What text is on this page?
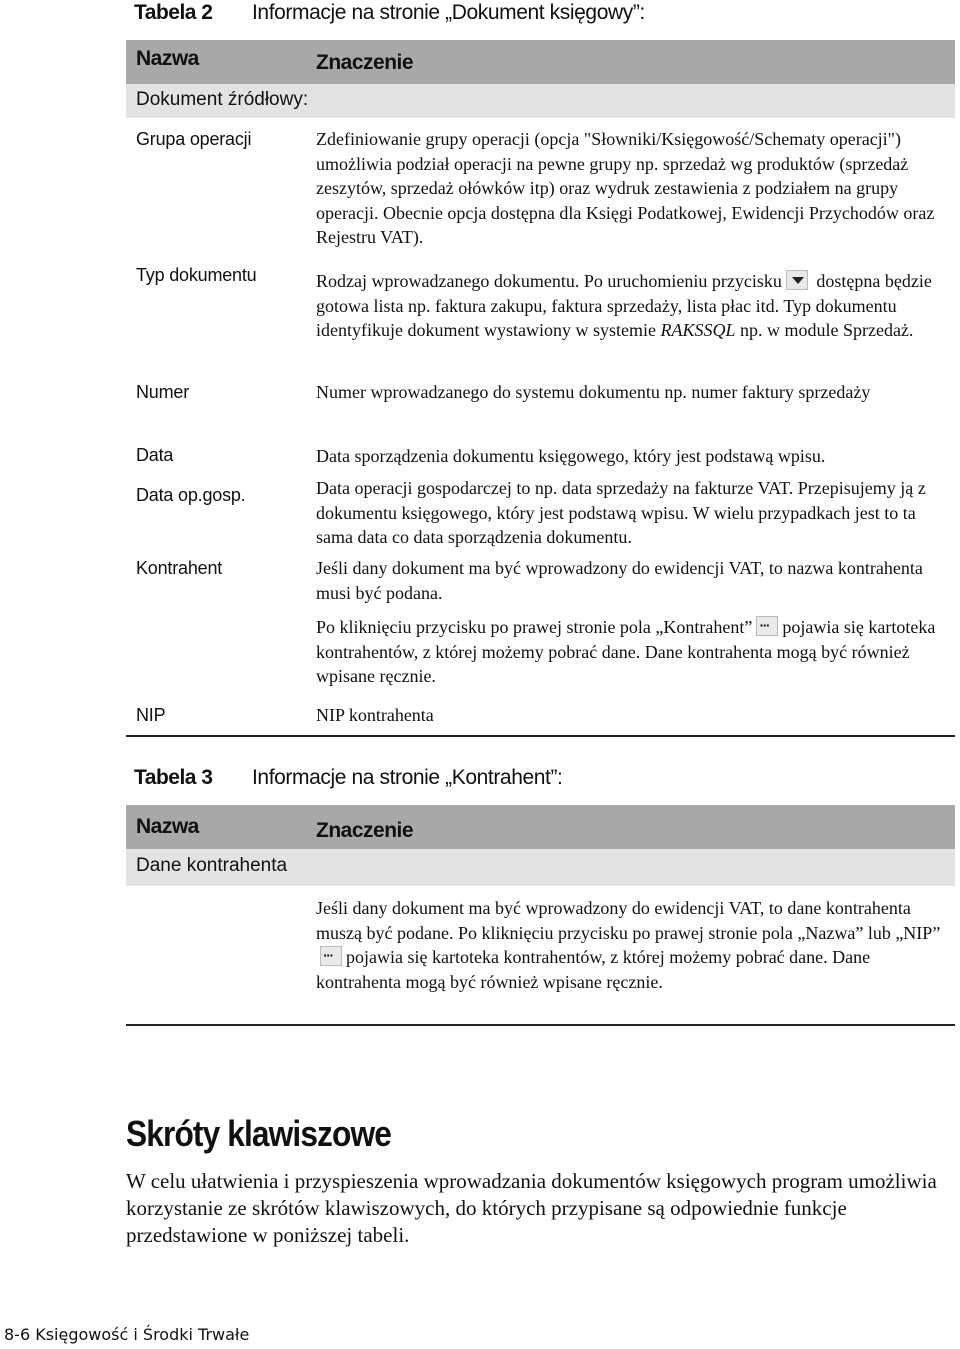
Tabela 2 Informacje na stronie „Dokument księgowy”:
Nazwa	Znaczenie
Dokument źródłowy:
Grupa operacji	Zdefiniowanie grupy operacji (opcja "Słowniki/Księgowość/Schematy operacji") umożliwia podział operacji na pewne grupy np. sprzedaż wg produktów (sprzedaż zeszytów, sprzedaż ołówków itp) oraz wydruk zestawienia z podziałem na grupy operacji. Obecnie opcja dostępna dla Księgi Podatkowej, Ewidencji Przychodów oraz Rejestru VAT).
Typ dokumentu	Rodzaj wprowadzanego dokumentu. Po uruchomieniu przycisku dostępna będzie gotowa lista np. faktura zakupu, faktura sprzedaży, lista płac itd. Typ dokumentu identyfikuje dokument wystawiony w systemie RAKSSQL np. w module Sprzedaż.
Numer	Numer wprowadzanego do systemu dokumentu np. numer faktury sprzedaży
Data	Data sporządzenia dokumentu księgowego, który jest podstawą wpisu.
Data op.gosp.	Data operacji gospodarczej to np. data sprzedaży na fakturze VAT. Przepisujemy ją z dokumentu księgowego, który jest podstawą wpisu. W wielu przypadkach jest to ta sama data co data sporządzenia dokumentu.
Kontrahent	Jeśli dany dokument ma być wprowadzony do ewidencji VAT, to nazwa kontrahenta musi być podana.

Po kliknięciu przycisku po prawej stronie pola „Kontrahent” ··· pojawia się kartoteka kontrahentów, z której możemy pobrać dane. Dane kontrahenta mogą być również wpisane ręcznie.

NIP	NIP kontrahenta
Tabela 3 Informacje na stronie „Kontrahent”:
Nazwa	Znaczenie
Dane kontrahenta
Jeśli dany dokument ma być wprowadzony do ewidencji VAT, to dane kontrahenta muszą być podane. Po kliknięciu przycisku po prawej stronie pola „Nazwa” lub „NIP”
··· pojawia się kartoteka kontrahentów, z której możemy pobrać dane. Dane kontrahenta mogą być również wpisane ręcznie.
Skróty klawiszowe
W celu ułatwienia i przyspieszenia wprowadzania dokumentów księgowych program umożliwia korzystanie ze skrótów klawiszowych, do których przypisane są odpowiednie funkcje przedstawione w poniższej tabeli.
8-6 Księgowość i Środki Trwałe
